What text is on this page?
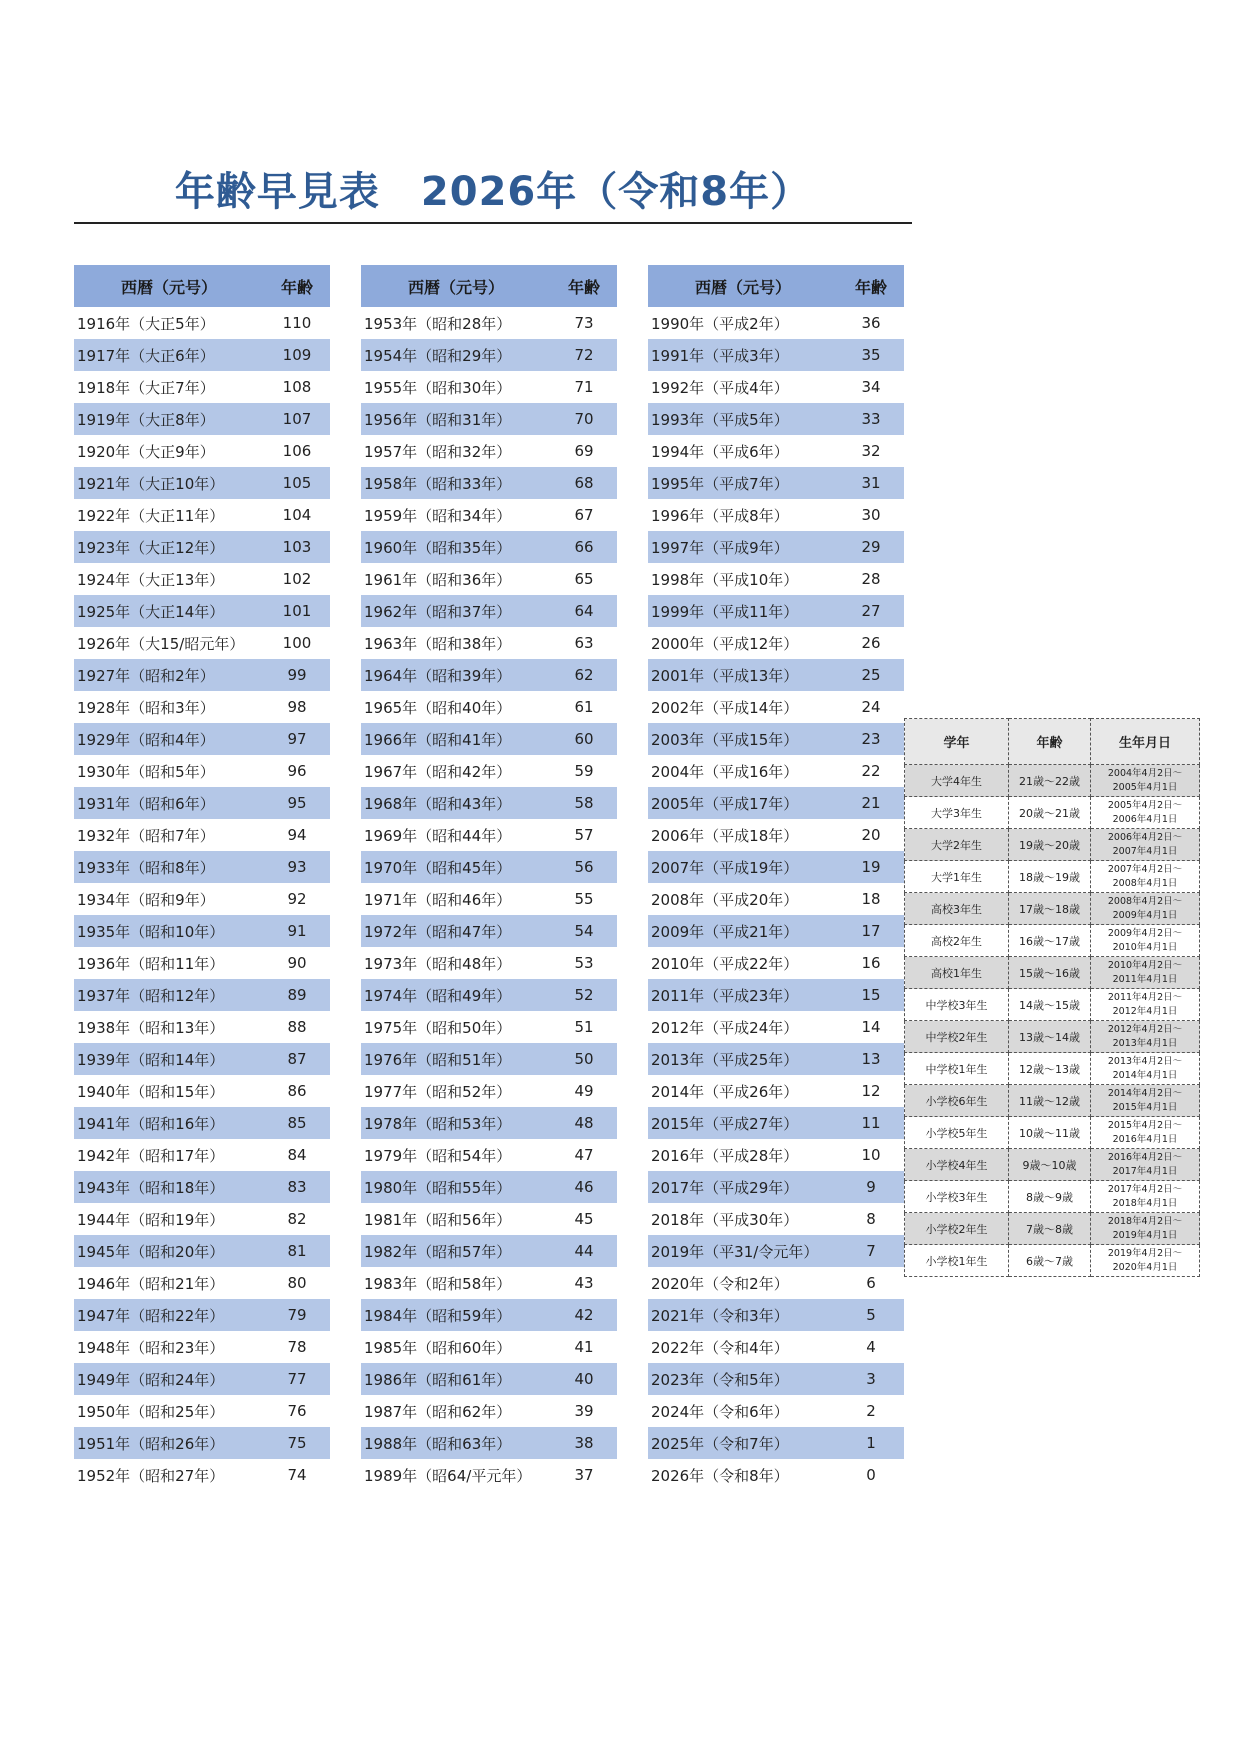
年齢早見表　2026年（令和8年）
西暦（元号）	年齢
1916年（大正5年）	110
1917年（大正6年）	109
1918年（大正7年）	108
1919年（大正8年）	107
1920年（大正9年）	106
1921年（大正10年）	105
1922年（大正11年）	104
1923年（大正12年）	103
1924年（大正13年）	102
1925年（大正14年）	101
1926年（大15/昭元年）	100
1927年（昭和2年）	99
1928年（昭和3年）	98
1929年（昭和4年）	97
1930年（昭和5年）	96
1931年（昭和6年）	95
1932年（昭和7年）	94
1933年（昭和8年）	93
1934年（昭和9年）	92
1935年（昭和10年）	91
1936年（昭和11年）	90
1937年（昭和12年）	89
1938年（昭和13年）	88
1939年（昭和14年）	87
1940年（昭和15年）	86
1941年（昭和16年）	85
1942年（昭和17年）	84
1943年（昭和18年）	83
1944年（昭和19年）	82
1945年（昭和20年）	81
1946年（昭和21年）	80
1947年（昭和22年）	79
1948年（昭和23年）	78
1949年（昭和24年）	77
1950年（昭和25年）	76
1951年（昭和26年）	75
1952年（昭和27年）	74
西暦（元号）	年齢
1953年（昭和28年）	73
1954年（昭和29年）	72
1955年（昭和30年）	71
1956年（昭和31年）	70
1957年（昭和32年）	69
1958年（昭和33年）	68
1959年（昭和34年）	67
1960年（昭和35年）	66
1961年（昭和36年）	65
1962年（昭和37年）	64
1963年（昭和38年）	63
1964年（昭和39年）	62
1965年（昭和40年）	61
1966年（昭和41年）	60
1967年（昭和42年）	59
1968年（昭和43年）	58
1969年（昭和44年）	57
1970年（昭和45年）	56
1971年（昭和46年）	55
1972年（昭和47年）	54
1973年（昭和48年）	53
1974年（昭和49年）	52
1975年（昭和50年）	51
1976年（昭和51年）	50
1977年（昭和52年）	49
1978年（昭和53年）	48
1979年（昭和54年）	47
1980年（昭和55年）	46
1981年（昭和56年）	45
1982年（昭和57年）	44
1983年（昭和58年）	43
1984年（昭和59年）	42
1985年（昭和60年）	41
1986年（昭和61年）	40
1987年（昭和62年）	39
1988年（昭和63年）	38
1989年（昭64/平元年）	37
西暦（元号）	年齢
1990年（平成2年）	36
1991年（平成3年）	35
1992年（平成4年）	34
1993年（平成5年）	33
1994年（平成6年）	32
1995年（平成7年）	31
1996年（平成8年）	30
1997年（平成9年）	29
1998年（平成10年）	28
1999年（平成11年）	27
2000年（平成12年）	26
2001年（平成13年）	25
2002年（平成14年）	24
2003年（平成15年）	23
2004年（平成16年）	22
2005年（平成17年）	21
2006年（平成18年）	20
2007年（平成19年）	19
2008年（平成20年）	18
2009年（平成21年）	17
2010年（平成22年）	16
2011年（平成23年）	15
2012年（平成24年）	14
2013年（平成25年）	13
2014年（平成26年）	12
2015年（平成27年）	11
2016年（平成28年）	10
2017年（平成29年）	9
2018年（平成30年）	8
2019年（平31/令元年）	7
2020年（令和2年）	6
2021年（令和3年）	5
2022年（令和4年）	4
2023年（令和5年）	3
2024年（令和6年）	2
2025年（令和7年）	1
2026年（令和8年）	0
学年	年齢	生年月日
大学4年生	21歳～22歳	2004年4月2日～
2005年4月1日

大学3年生	20歳～21歳	2005年4月2日～
2006年4月1日

大学2年生	19歳～20歳	2006年4月2日～
2007年4月1日

大学1年生	18歳～19歳	2007年4月2日～
2008年4月1日

高校3年生	17歳～18歳	2008年4月2日～
2009年4月1日

高校2年生	16歳～17歳	2009年4月2日～
2010年4月1日

高校1年生	15歳～16歳	2010年4月2日～
2011年4月1日

中学校3年生	14歳～15歳	2011年4月2日～
2012年4月1日

中学校2年生	13歳～14歳	2012年4月2日～
2013年4月1日

中学校1年生	12歳～13歳	2013年4月2日～
2014年4月1日

小学校6年生	11歳～12歳	2014年4月2日～
2015年4月1日

小学校5年生	10歳～11歳	2015年4月2日～
2016年4月1日

小学校4年生	9歳～10歳	2016年4月2日～
2017年4月1日

小学校3年生	8歳～9歳	2017年4月2日～
2018年4月1日

小学校2年生	7歳～8歳	2018年4月2日～
2019年4月1日

小学校1年生	6歳～7歳	2019年4月2日～
2020年4月1日
